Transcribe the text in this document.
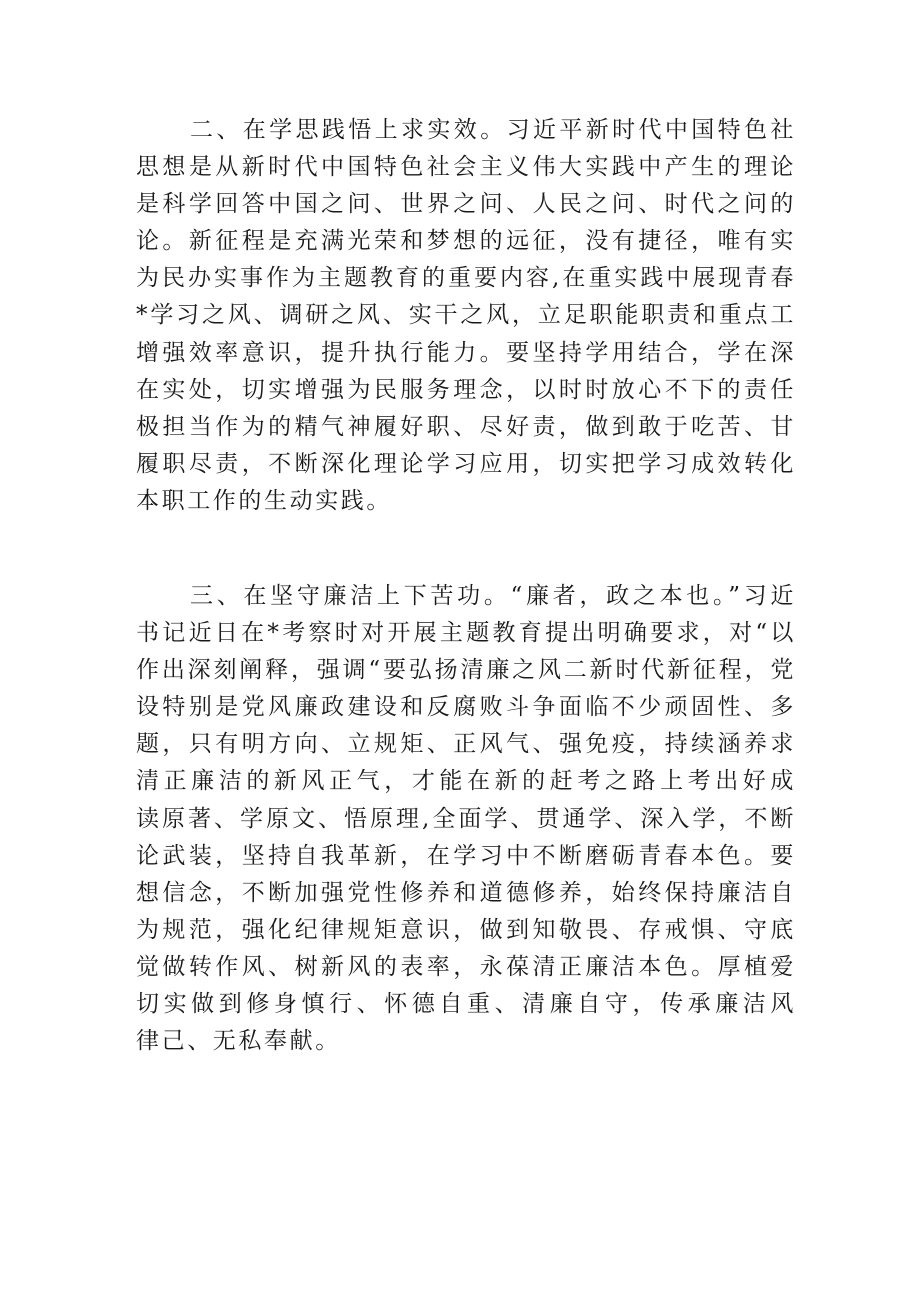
二、在学思践悟上求实效。习近平新时代中国特色社
思想是从新时代中国特色社会主义伟大实践中产生的理论
是科学回答中国之问、世界之问、人民之问、时代之问的
论。新征程是充满光荣和梦想的远征，没有捷径，唯有实
为民办实事作为主题教育的重要内容,在重实践中展现青春
*学习之风、调研之风、实干之风，立足职能职责和重点工
增强效率意识，提升执行能力。要坚持学用结合，学在深
在实处，切实增强为民服务理念，以时时放心不下的责任
极担当作为的精气神履好职、尽好责，做到敢于吃苦、甘
履职尽责，不断深化理论学习应用，切实把学习成效转化
本职工作的生动实践。
三、在坚守廉洁上下苦功。“廉者，政之本也。”习近
书记近日在*考察时对开展主题教育提出明确要求，对“以
作出深刻阐释，强调“要弘扬清廉之风二新时代新征程，党
设特别是党风廉政建设和反腐败斗争面临不少顽固性、多
题，只有明方向、立规矩、正风气、强免疫，持续涵养求
清正廉洁的新风正气，才能在新的赶考之路上考出好成
读原著、学原文、悟原理,全面学、贯通学、深入学，不断
论武装，坚持自我革新，在学习中不断磨砺青春本色。要
想信念，不断加强党性修养和道德修养，始终保持廉洁自
为规范，强化纪律规矩意识，做到知敬畏、存戒惧、守底
觉做转作风、树新风的表率，永葆清正廉洁本色。厚植爱
切实做到修身慎行、怀德自重、清廉自守，传承廉洁风
律己、无私奉献。
